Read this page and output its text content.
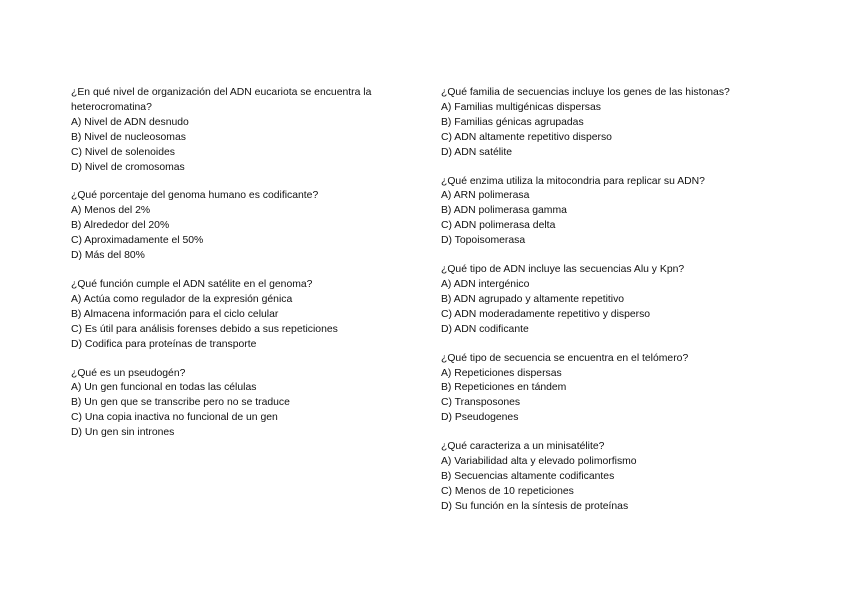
¿En qué nivel de organización del ADN eucariota se encuentra la heterocromatina?

A) Nivel de ADN desnudo
B) Nivel de nucleosomas
C) Nivel de solenoides
D) Nivel de cromosomas

¿Qué porcentaje del genoma humano es codificante?

A) Menos del 2%
B) Alrededor del 20%
C) Aproximadamente el 50%
D) Más del 80%

¿Qué función cumple el ADN satélite en el genoma?

A) Actúa como regulador de la expresión génica
B) Almacena información para el ciclo celular
C) Es útil para análisis forenses debido a sus repeticiones
D) Codifica para proteínas de transporte

¿Qué es un pseudogén?

A) Un gen funcional en todas las células
B) Un gen que se transcribe pero no se traduce
C) Una copia inactiva no funcional de un gen
D) Un gen sin intrones

¿Qué familia de secuencias incluye los genes de las histonas?

A) Familias multigénicas dispersas
B) Familias génicas agrupadas
C) ADN altamente repetitivo disperso
D) ADN satélite

¿Qué enzima utiliza la mitocondria para replicar su ADN?

A) ARN polimerasa
B) ADN polimerasa gamma
C) ADN polimerasa delta
D) Topoisomerasa

¿Qué tipo de ADN incluye las secuencias Alu y Kpn?

A) ADN intergénico
B) ADN agrupado y altamente repetitivo
C) ADN moderadamente repetitivo y disperso
D) ADN codificante

¿Qué tipo de secuencia se encuentra en el telómero?

A) Repeticiones dispersas
B) Repeticiones en tándem
C) Transposones
D) Pseudogenes

¿Qué caracteriza a un minisatélite?

A) Variabilidad alta y elevado polimorfismo
B) Secuencias altamente codificantes
C) Menos de 10 repeticiones
D) Su función en la síntesis de proteínas
